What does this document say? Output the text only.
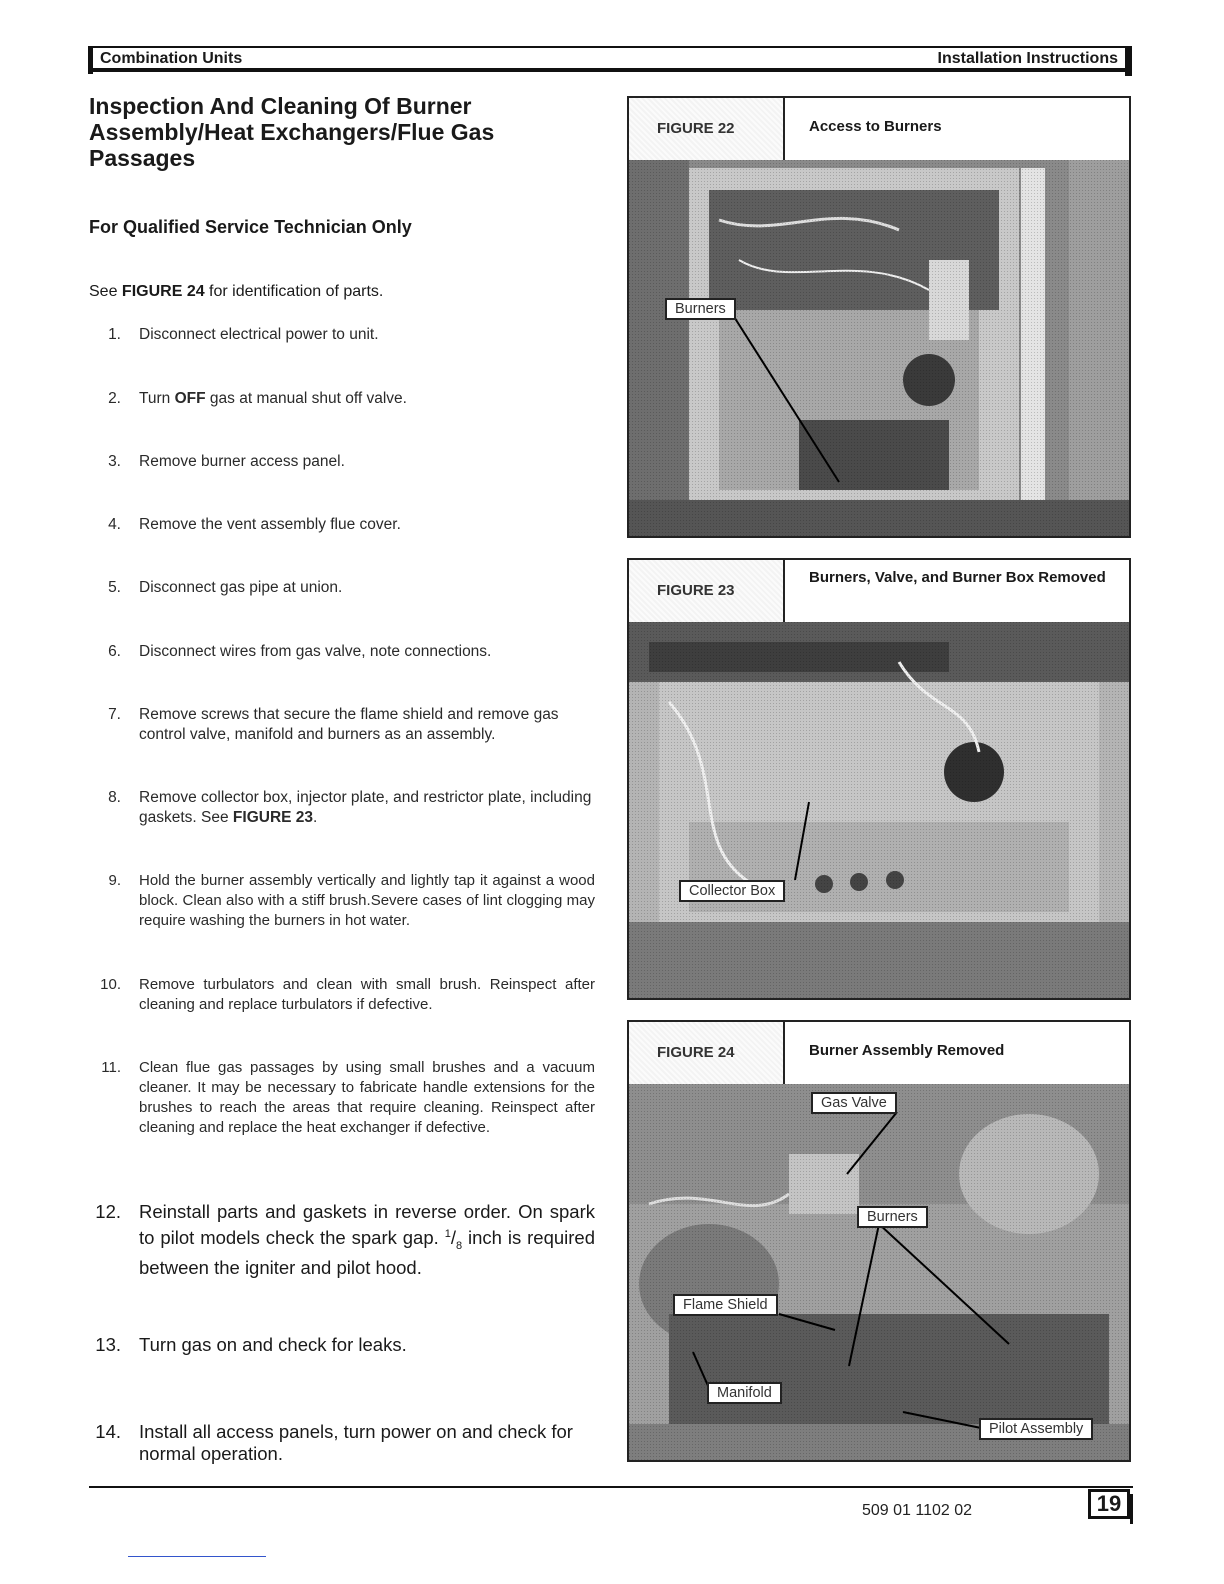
Combination Units	Installation Instructions
Inspection And Cleaning Of Burner Assembly/Heat Exchangers/Flue Gas Passages
For Qualified Service Technician Only
See FIGURE 24 for identification of parts.
1. Disconnect electrical power to unit.
2. Turn OFF gas at manual shut off valve.
3. Remove burner access panel.
4. Remove the vent assembly flue cover.
5. Disconnect gas pipe at union.
6. Disconnect wires from gas valve, note connections.
7. Remove screws that secure the flame shield and remove gas control valve, manifold and burners as an assembly.
8. Remove collector box, injector plate, and restrictor plate, including gaskets. See FIGURE 23.
9. Hold the burner assembly vertically and lightly tap it against a wood block. Clean also with a stiff brush.Severe cases of lint clogging may require washing the burners in hot water.
10. Remove turbulators and clean with small brush. Reinspect after cleaning and replace turbulators if defective.
11. Clean flue gas passages by using small brushes and a vacuum cleaner. It may be necessary to fabricate handle extensions for the brushes to reach the areas that require cleaning. Reinspect after cleaning and replace the heat exchanger if defective.
12. Reinstall parts and gaskets in reverse order. On spark to pilot models check the spark gap. $^1/_8$ inch is required between the igniter and pilot hood.
13. Turn gas on and check for leaks.
14. Install all access panels, turn power on and check for normal operation.
FIGURE 22	Access to Burners
Burners
FIGURE 23
Burners, Valve, and Burner Box Removed
Collector Box
FIGURE 24	Burner Assembly Removed
Gas Valve
Burners
Flame Shield
Manifold
Pilot Assembly
509 01 1102 02	19
